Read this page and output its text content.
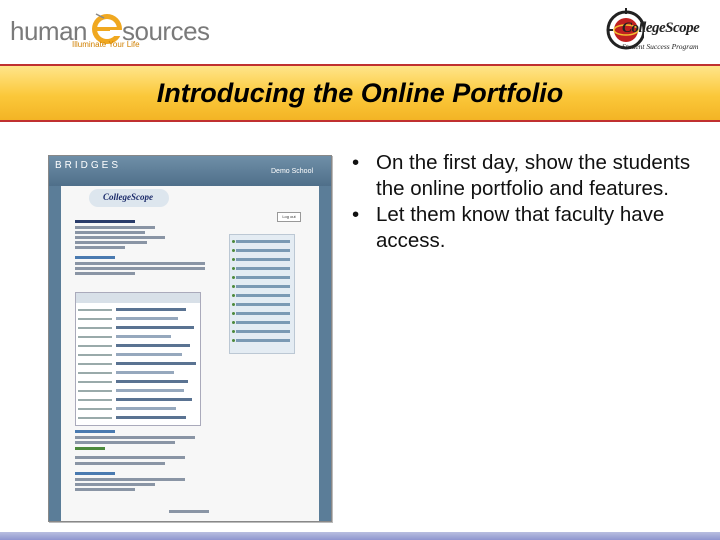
human sources
Illuminate Your Life
CollegeScope
Student Success Program
Introducing the Online Portfolio
BRIDGES
Demo School
CollegeScope
Log out

• On the first day, show the students the online portfolio and features.

• Let them know that faculty have access.
